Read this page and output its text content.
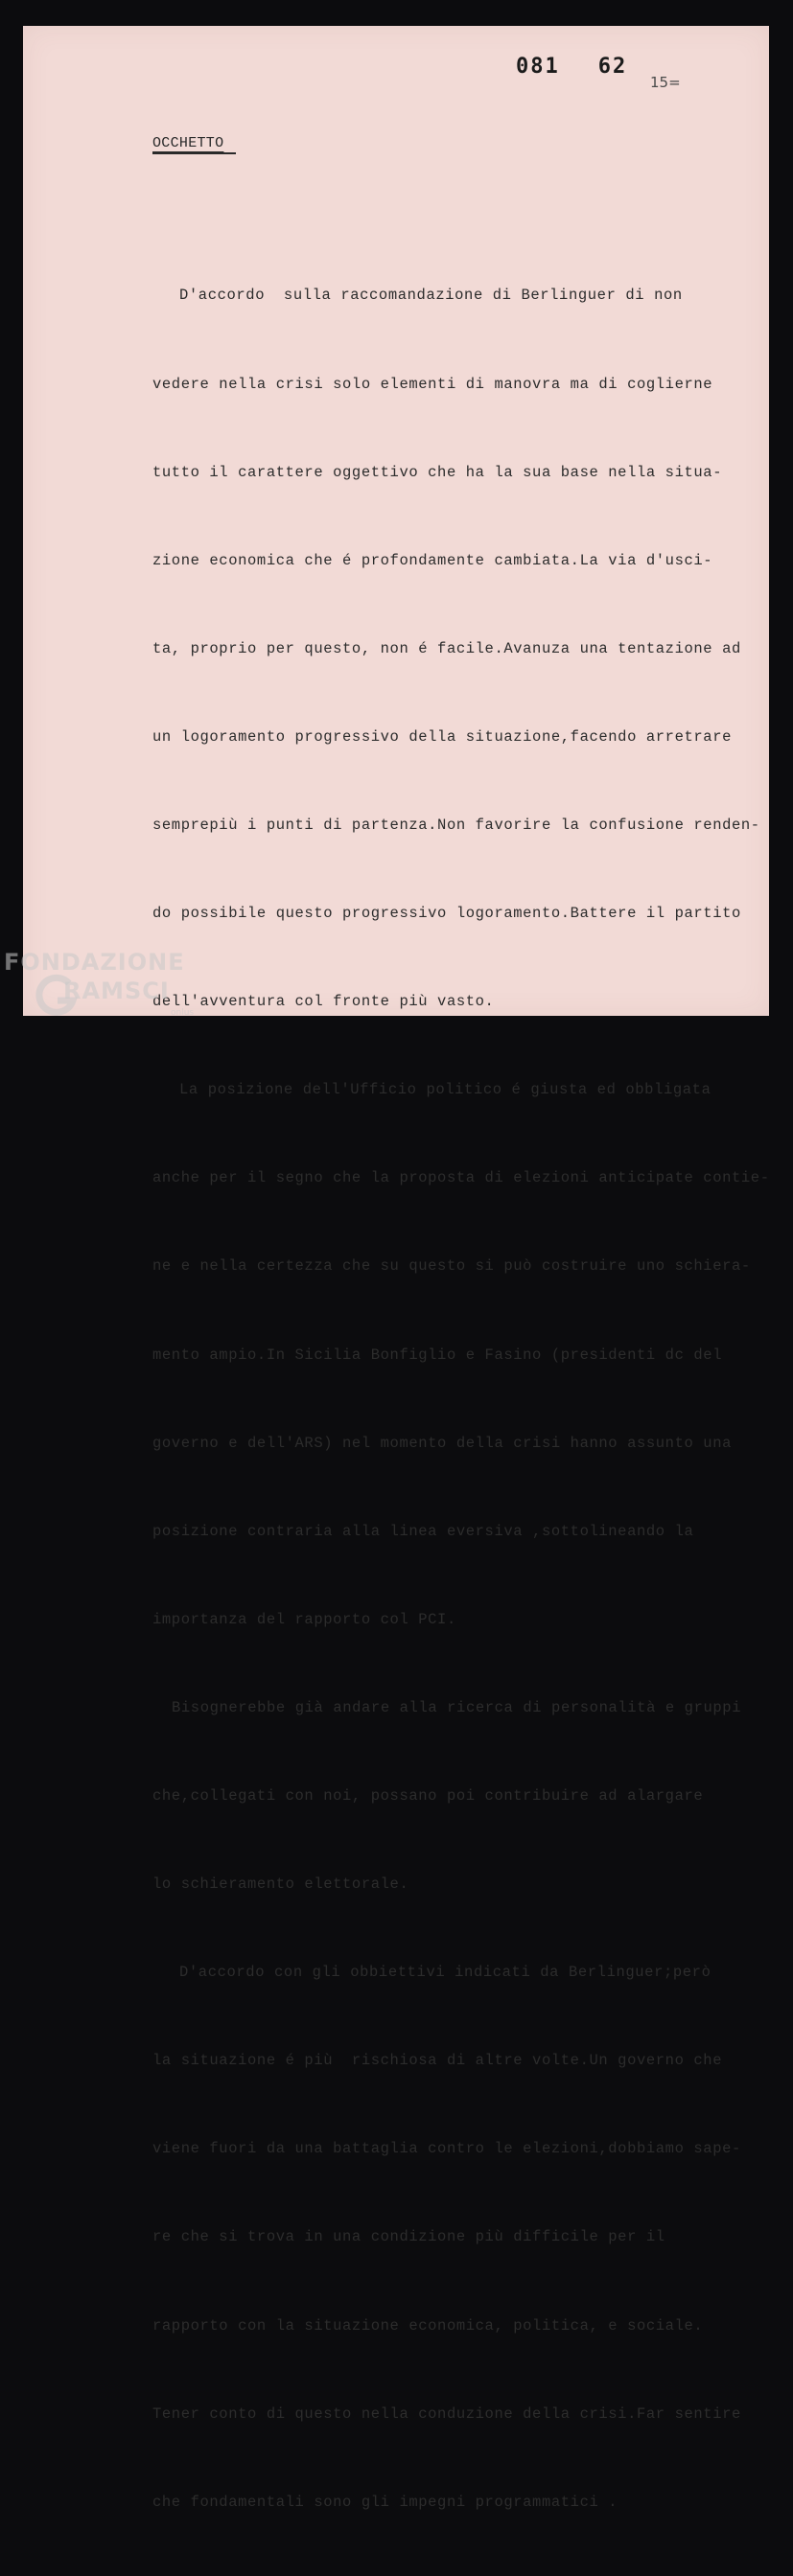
081 62
15=
OCCHETTO

D'accordo  sulla raccomandazione di Berlinguer di non

vedere nella crisi solo elementi di manovra ma di coglierne

tutto il carattere oggettivo che ha la sua base nella situa-

zione economica che é profondamente cambiata.La via d'usci-

ta, proprio per questo, non é facile.Avanuza una tentazione ad

un logoramento progressivo della situazione,facendo arretrare

semprepiù i punti di partenza.Non favorire la confusione renden-

do possibile questo progressivo logoramento.Battere il partito

dell'avventura col fronte più vasto.

La posizione dell'Ufficio politico é giusta ed obbligata

anche per il segno che la proposta di elezioni anticipate contie-

ne e nella certezza che su questo si può costruire uno schiera-

mento ampio.In Sicilia Bonfiglio e Fasino (presidenti dc del

governo e dell'ARS) nel momento della crisi hanno assunto una

posizione contraria alla linea eversiva ,sottolineando la

importanza del rapporto col PCI.

Bisognerebbe già andare alla ricerca di personalità e gruppi

che,collegati con noi, possano poi contribuire ad alargare

lo schieramento elettorale.

D'accordo con gli obbiettivi indicati da Berlinguer;però

la situazione é più  rischiosa di altre volte.Un governo che

viene fuori da una battaglia contro le elezioni,dobbiamo sape-

re che si trova in una condizione più difficile per il

rapporto con la situazione economica, politica, e sociale.

Tener conto di questo nella conduzione della crisi.Far sentire

che fondamentali sono gli impegni programmatici .

FONDAZIONE
RAMSCI
onlus
